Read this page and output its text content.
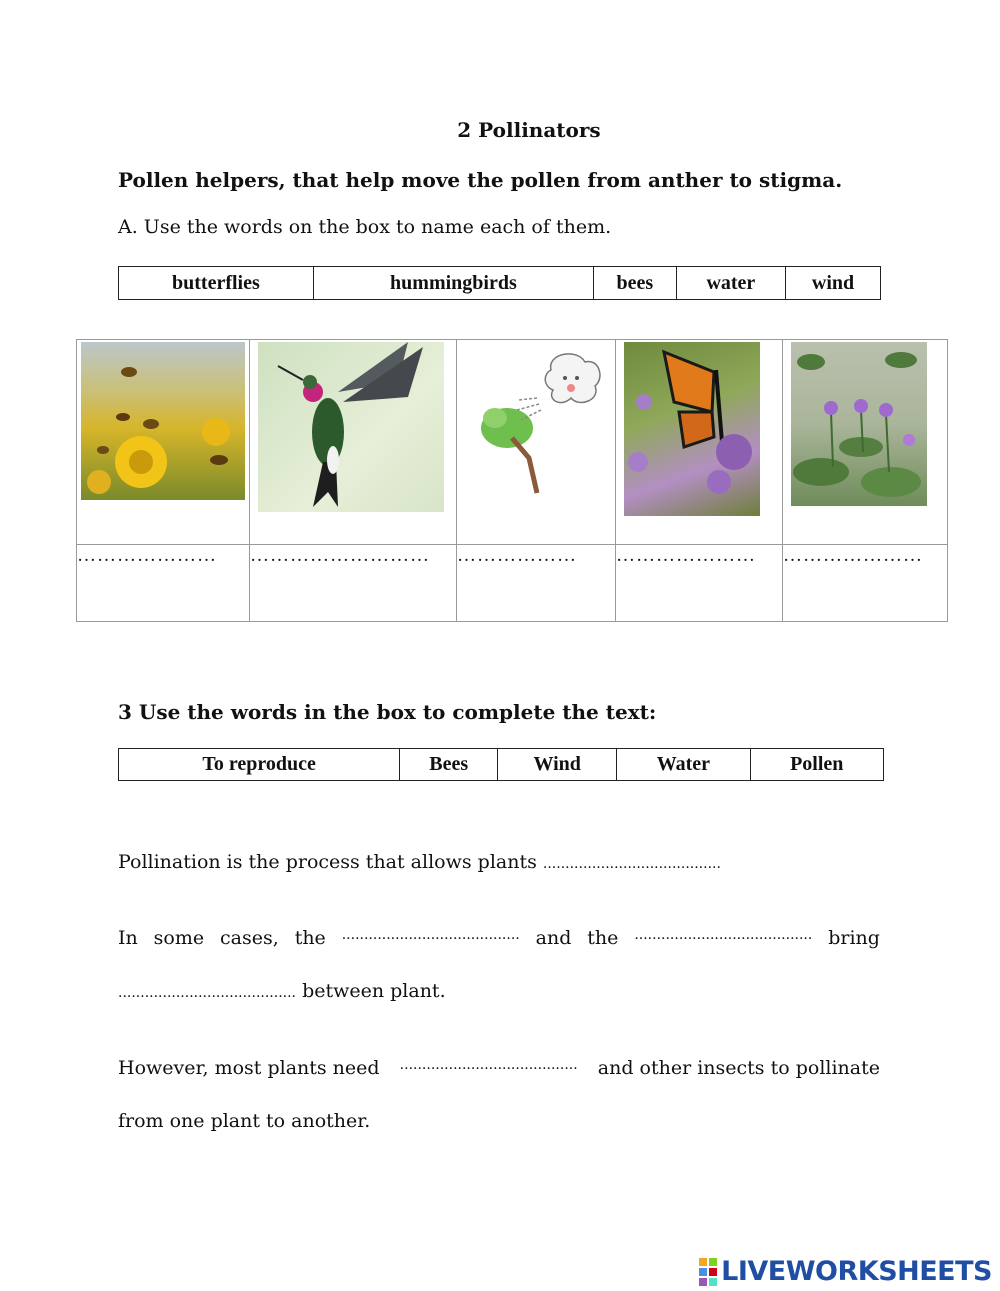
2 Pollinators
Pollen helpers, that help move the pollen from anther to stigma.
A. Use the words on the box to name each of them.
butterflies	hummingbirds	bees	water	wind

…………………	………………………	………………	…………………	…………………
3 Use the words in the box to complete the text:
To reproduce	Bees	Wind	Water	Pollen
Pollination is the process that allows plants ........................................
In some cases, the ........................................ and the ........................................ bring
........................................ between plant.
However, most plants need ........................................ and other insects to pollinate
from one plant to another.
LIVEWORKSHEETS
